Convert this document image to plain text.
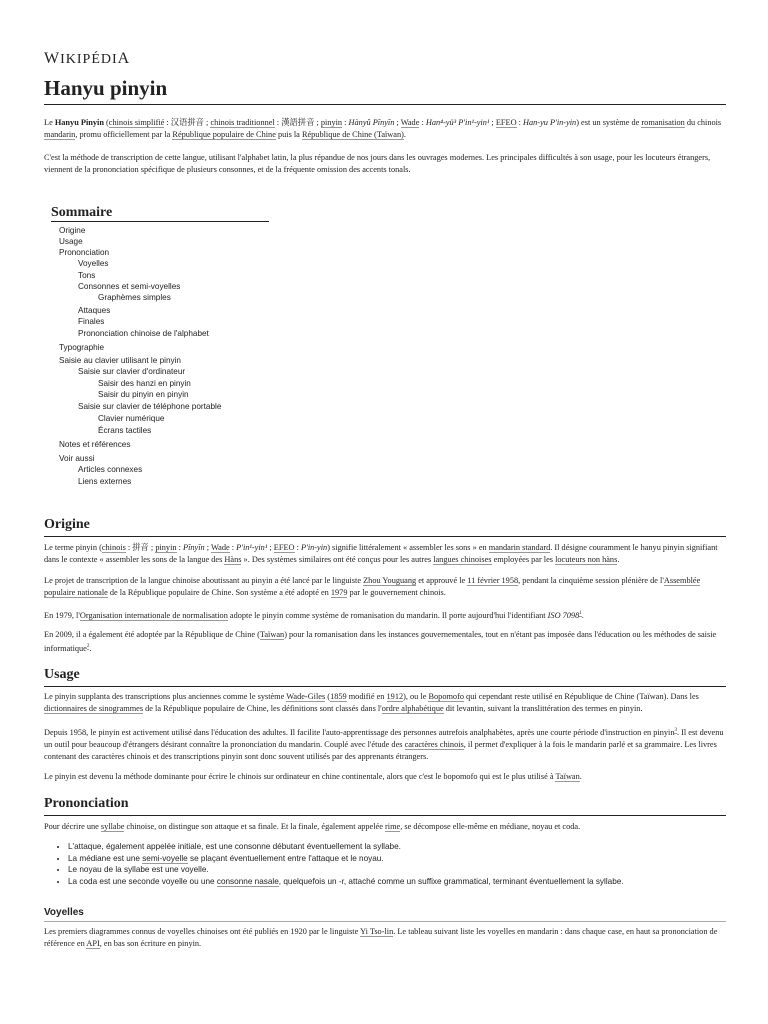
WIKIPÉDIA
Hanyu pinyin
Le Hanyu Pinyin (chinois simplifié : 汉语拼音 ; chinois traditionnel : 漢語拼音 ; pinyin : Hànyǔ Pīnyīn ; Wade : Han⁴-yü³ P'in¹-yin¹ ; EFEO : Han-yu P'in-yin) est un système de romanisation du chinois mandarin, promu officiellement par la République populaire de Chine puis la République de Chine (Taïwan).
C'est la méthode de transcription de cette langue, utilisant l'alphabet latin, la plus répandue de nos jours dans les ouvrages modernes. Les principales difficultés à son usage, pour les locuteurs étrangers, viennent de la prononciation spécifique de plusieurs consonnes, et de la fréquente omission des accents tonals.
Sommaire
Origine
Usage
Prononciation
Voyelles
Tons
Consonnes et semi-voyelles
Graphèmes simples
Attaques
Finales
Prononciation chinoise de l'alphabet
Typographie
Saisie au clavier utilisant le pinyin
Saisie sur clavier d'ordinateur
Saisir des hanzi en pinyin
Saisir du pinyin en pinyin
Saisie sur clavier de téléphone portable
Clavier numérique
Écrans tactiles
Notes et références
Voir aussi
Articles connexes
Liens externes
Origine
Le terme pinyin (chinois : 拼音 ; pinyin : Pīnyīn ; Wade : P'in¹-yin¹ ; EFEO : P'in-yin) signifie littéralement « assembler les sons » en mandarin standard. Il désigne couramment le hanyu pinyin signifiant dans le contexte « assembler les sons de la langue des Hàns ». Des systèmes similaires ont été conçus pour les autres langues chinoises employées par les locuteurs non hàns.
Le projet de transcription de la langue chinoise aboutissant au pinyin a été lancé par le linguiste Zhou Youguang et approuvé le 11 février 1958, pendant la cinquième session plénière de l'Assemblée populaire nationale de la République populaire de Chine. Son système a été adopté en 1979 par le gouvernement chinois.
En 1979, l'Organisation internationale de normalisation adopte le pinyin comme système de romanisation du mandarin. Il porte aujourd'hui l'identifiant ISO 7098$^1$.
En 2009, il a également été adoptée par la République de Chine (Taïwan) pour la romanisation dans les instances gouvernementales, tout en n'étant pas imposée dans l'éducation ou les méthodes de saisie informatique$^2$.
Usage
Le pinyin supplanta des transcriptions plus anciennes comme le système Wade-Giles (1859 modifié en 1912), ou le Bopomofo qui cependant reste utilisé en République de Chine (Taïwan). Dans les dictionnaires de sinogrammes de la République populaire de Chine, les définitions sont classés dans l'ordre alphabétique dit levantin, suivant la translittération des termes en pinyin.
Depuis 1958, le pinyin est activement utilisé dans l'éducation des adultes. Il facilite l'auto-apprentissage des personnes autrefois analphabètes, après une courte période d'instruction en pinyin$^3$. Il est devenu un outil pour beaucoup d'étrangers désirant connaître la prononciation du mandarin. Couplé avec l'étude des caractères chinois, il permet d'expliquer à la fois le mandarin parlé et sa grammaire. Les livres contenant des caractères chinois et des transcriptions pinyin sont donc souvent utilisés par des apprenants étrangers.
Le pinyin est devenu la méthode dominante pour écrire le chinois sur ordinateur en chine continentale, alors que c'est le bopomofo qui est le plus utilisé à Taïwan.
Prononciation
Pour décrire une syllabe chinoise, on distingue son attaque et sa finale. Et la finale, également appelée rime, se décompose elle-même en médiane, noyau et coda.
• L'attaque, également appelée initiale, est une consonne débutant éventuellement la syllabe.
• La médiane est une semi-voyelle se plaçant éventuellement entre l'attaque et le noyau.
• Le noyau de la syllabe est une voyelle.
• La coda est une seconde voyelle ou une consonne nasale, quelquefois un -r, attaché comme un suffixe grammatical, terminant éventuellement la syllabe.
Voyelles
Les premiers diagrammes connus de voyelles chinoises ont été publiés en 1920 par le linguiste Yi Tso-lin. Le tableau suivant liste les voyelles en mandarin : dans chaque case, en haut sa prononciation de référence en API, en bas son écriture en pinyin.
